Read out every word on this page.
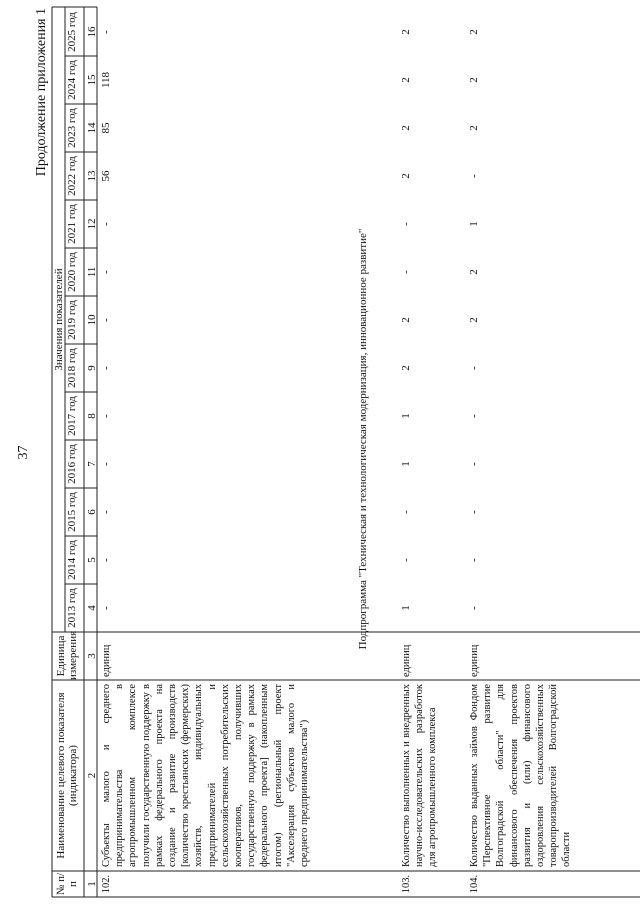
37
Продолжение приложения 1
№ п/п
Наименование целевого показателя (индикатора)
Единица измерения
Значения показателей
2013 год
2014 год
2015 год
2016 год
2017 год
2018 год
2019 год
2020 год
2021 год
2022 год
2023 год
2024 год
2025 год
1
2
3
4
5
6
7
8
9
10
11
12
13
14
15
16
102.
Субъекты малого и среднего предпринимательства в агропромышленном комплексе получили государственную поддержку в рамках федерального проекта на создание и развитие производств [количество крестьянских (фермерских) хозяйств, индивидуальных предпринимателей и сельскохозяйственных потребительских кооперативов, получивших государственную поддержку в рамках федерального проекта] (накопленным итогом) (региональный проект "Акселерация субъектов малого и среднего предпринимательства")
единиц
-
-
-
-
-
-
-
-
-
56
85
118
-
Подпрограмма "Техническая и технологическая модернизация, инновационное развитие"
103.
Количество выполненных и внедренных научно-исследовательских разработок для агропромышленного комплекса
единиц
1
-
-
1
1
2
2
-
-
2
2
2
2
104.
Количество выданных займов Фондом "Перспективное развитие Волгоградской области" для финансового обеспечения проектов развития и (или) финансового оздоровления сельскохозяйственных товаропроизводителей Волгоградской области
единиц
-
-
-
-
-
-
2
2
1
-
2
2
2
